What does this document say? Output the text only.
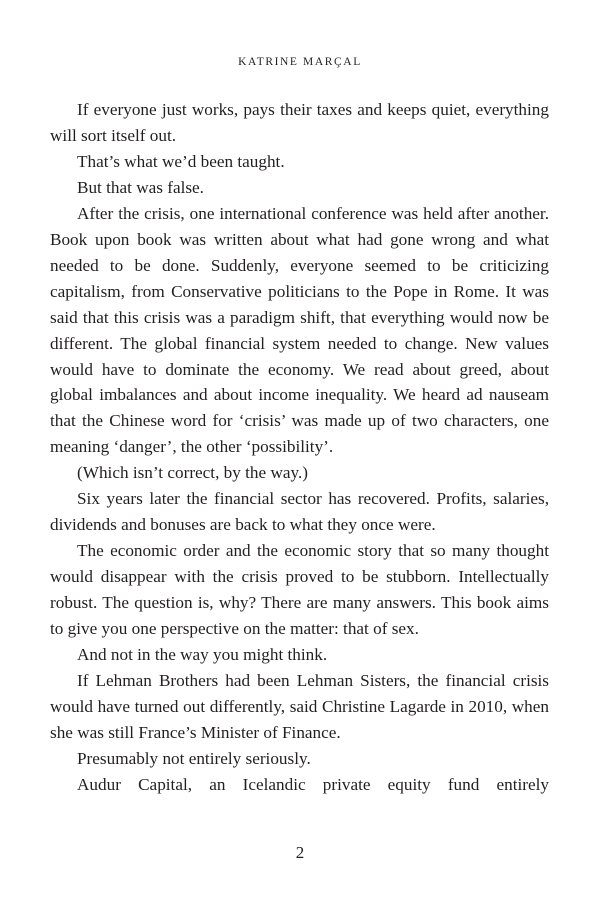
KATRINE MARÇAL

If everyone just works, pays their taxes and keeps quiet, everything will sort itself out.

That’s what we’d been taught.

But that was false.

After the crisis, one international conference was held after another. Book upon book was written about what had gone wrong and what needed to be done. Suddenly, everyone seemed to be criticizing capitalism, from Conservative politicians to the Pope in Rome. It was said that this crisis was a paradigm shift, that everything would now be different. The global financial system needed to change. New values would have to dominate the economy. We read about greed, about global imbalances and about income inequality. We heard ad nauseam that the Chinese word for ‘crisis’ was made up of two characters, one meaning ‘danger’, the other ‘possibility’.

(Which isn’t correct, by the way.)

Six years later the financial sector has recovered. Profits, salaries, dividends and bonuses are back to what they once were.

The economic order and the economic story that so many thought would disappear with the crisis proved to be stubborn. Intellectually robust. The question is, why? There are many answers. This book aims to give you one perspective on the matter: that of sex.

And not in the way you might think.

If Lehman Brothers had been Lehman Sisters, the financial crisis would have turned out differently, said Christine Lagarde in 2010, when she was still France’s Minister of Finance.

Presumably not entirely seriously.

Audur Capital, an Icelandic private equity fund entirely

2
